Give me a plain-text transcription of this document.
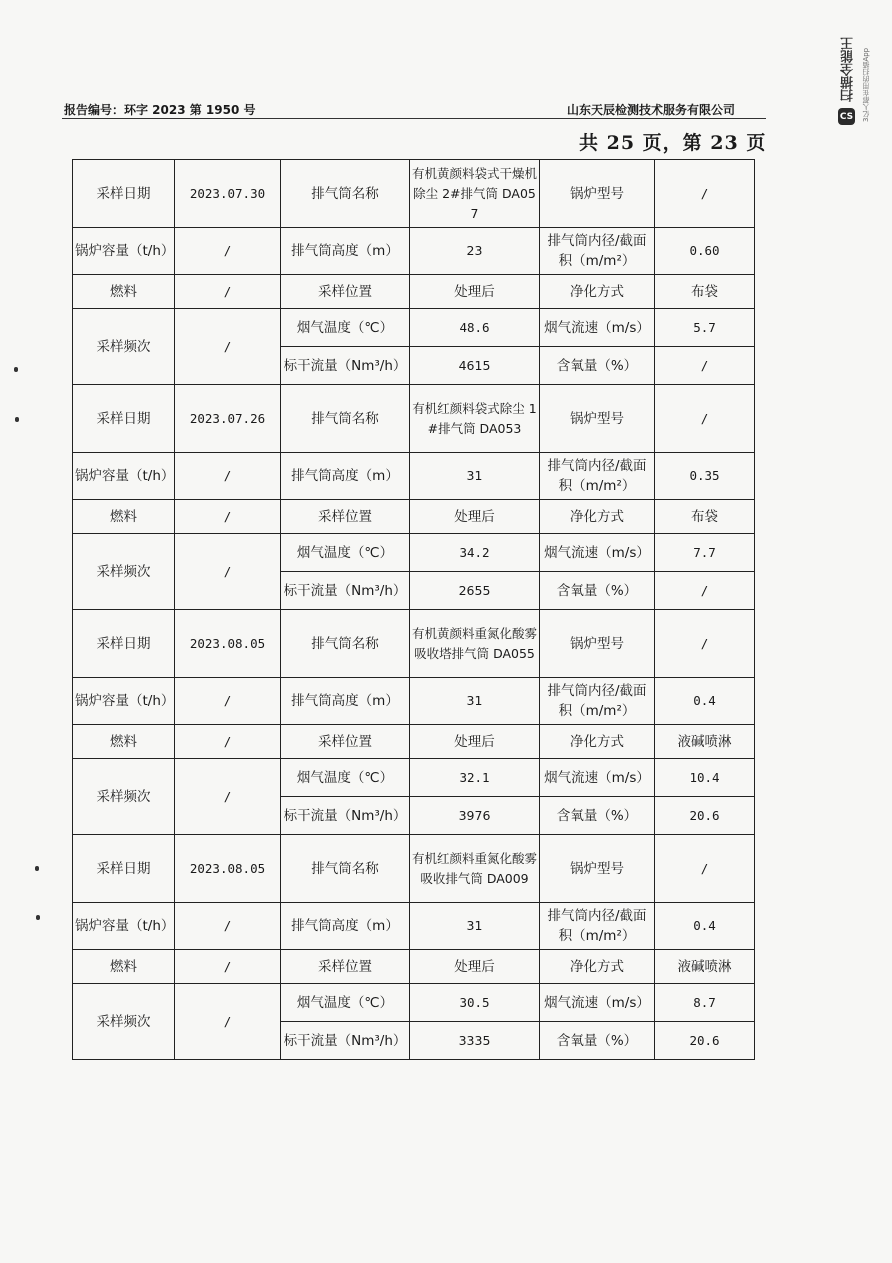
报告编号：环字 2023 第 1950 号	山东天辰检测技术服务有限公司
共 25 页，第 23 页
扫描全能王 3亿人都在用的扫描App
CS
采样日期	2023.07.30	排气筒名称	有机黄颜料袋式干燥机除尘 2#排气筒 DA057	锅炉型号	/
锅炉容量（t/h）	/	排气筒高度（m）	23	排气筒内径/截面积（m/m²）	0.60
燃料	/	采样位置	处理后	净化方式	布袋
采样频次	/	烟气温度（℃）	48.6	烟气流速（m/s）	5.7
		标干流量（Nm³/h）	4615	含氧量（%）	/
采样日期	2023.07.26	排气筒名称	有机红颜料袋式除尘 1#排气筒 DA053	锅炉型号	/
锅炉容量（t/h）	/	排气筒高度（m）	31	排气筒内径/截面积（m/m²）	0.35
燃料	/	采样位置	处理后	净化方式	布袋
采样频次	/	烟气温度（℃）	34.2	烟气流速（m/s）	7.7
		标干流量（Nm³/h）	2655	含氧量（%）	/
采样日期	2023.08.05	排气筒名称	有机黄颜料重氮化酸雾吸收塔排气筒 DA055	锅炉型号	/
锅炉容量（t/h）	/	排气筒高度（m）	31	排气筒内径/截面积（m/m²）	0.4
燃料	/	采样位置	处理后	净化方式	液碱喷淋
采样频次	/	烟气温度（℃）	32.1	烟气流速（m/s）	10.4
		标干流量（Nm³/h）	3976	含氧量（%）	20.6
采样日期	2023.08.05	排气筒名称	有机红颜料重氮化酸雾吸收排气筒 DA009	锅炉型号	/
锅炉容量（t/h）	/	排气筒高度（m）	31	排气筒内径/截面积（m/m²）	0.4
燃料	/	采样位置	处理后	净化方式	液碱喷淋
采样频次	/	烟气温度（℃）	30.5	烟气流速（m/s）	8.7
		标干流量（Nm³/h）	3335	含氧量（%）	20.6
